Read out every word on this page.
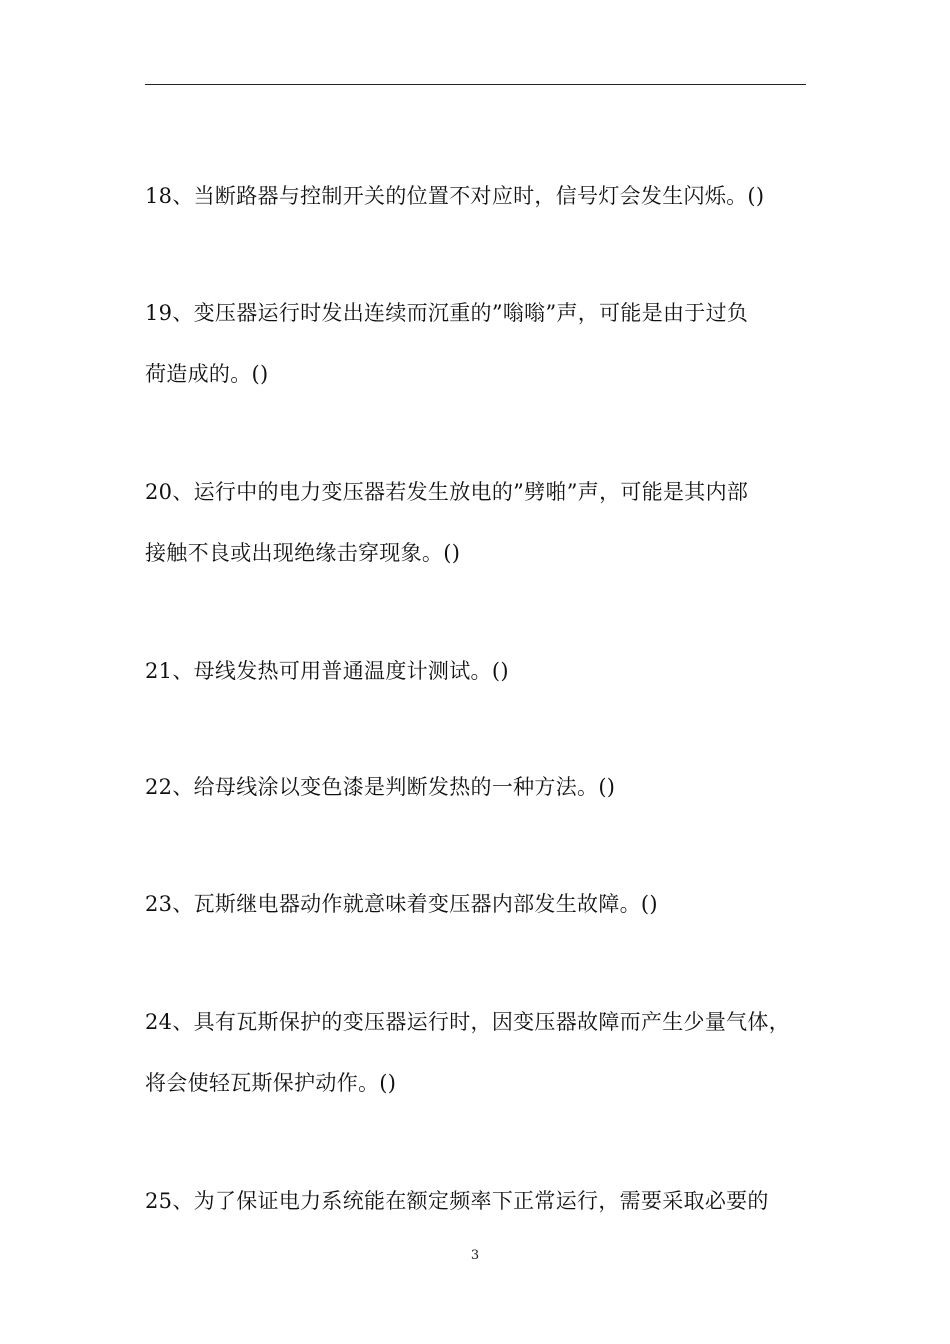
18、当断路器与控制开关的位置不对应时，信号灯会发生闪烁。()
19、变压器运行时发出连续而沉重的”嗡嗡”声，可能是由于过负
荷造成的。()
20、运行中的电力变压器若发生放电的”劈啪”声，可能是其内部
接触不良或出现绝缘击穿现象。()
21、母线发热可用普通温度计测试。()
22、给母线涂以变色漆是判断发热的一种方法。()
23、瓦斯继电器动作就意味着变压器内部发生故障。()
24、具有瓦斯保护的变压器运行时，因变压器故障而产生少量气体，
将会使轻瓦斯保护动作。()
25、为了保证电力系统能在额定频率下正常运行，需要采取必要的
3
